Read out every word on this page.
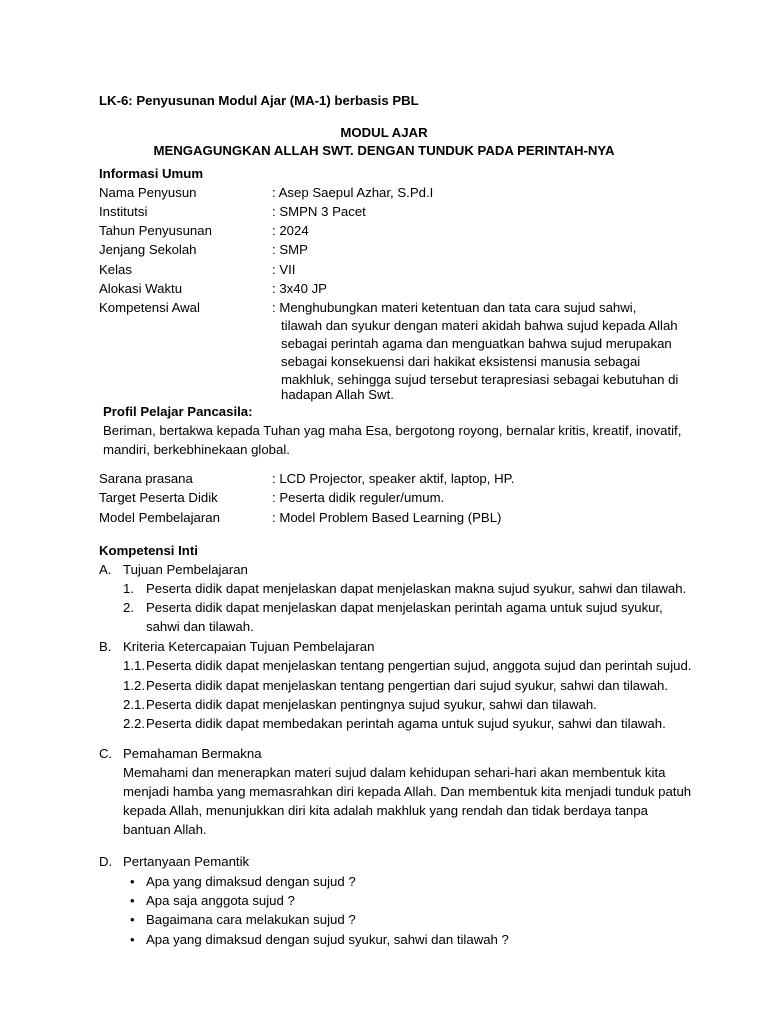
LK-6: Penyusunan Modul Ajar (MA-1) berbasis PBL
MODUL AJAR
MENGAGUNGKAN ALLAH SWT. DENGAN TUNDUK PADA PERINTAH-NYA
Informasi Umum
Nama Penyusun	: Asep Saepul Azhar, S.Pd.I
Institutsi	: SMPN 3 Pacet
Tahun Penyusunan	: 2024
Jenjang Sekolah	: SMP
Kelas	: VII
Alokasi Waktu	: 3x40 JP
Kompetensi Awal	: Menghubungkan materi ketentuan dan tata cara sujud sahwi,
tilawah dan syukur dengan materi akidah bahwa sujud kepada Allah
sebagai perintah agama dan menguatkan bahwa sujud merupakan
sebagai konsekuensi dari hakikat eksistensi manusia sebagai
makhluk, sehingga sujud tersebut terapresiasi sebagai kebutuhan di
hadapan Allah Swt.
Profil Pelajar Pancasila:
Beriman, bertakwa kepada Tuhan yag maha Esa, bergotong royong, bernalar kritis, kreatif, inovatif,
mandiri, berkebhinekaan global.
Sarana prasana	: LCD Projector, speaker aktif, laptop, HP.
Target Peserta Didik	: Peserta didik reguler/umum.
Model Pembelajaran	: Model Problem Based Learning (PBL)
Kompetensi Inti
A. Tujuan Pembelajaran
1. Peserta didik dapat menjelaskan dapat menjelaskan makna sujud syukur, sahwi dan tilawah.
2. Peserta didik dapat menjelaskan dapat menjelaskan perintah agama untuk sujud syukur,
sahwi dan tilawah.
B. Kriteria Ketercapaian Tujuan Pembelajaran
1.1. Peserta didik dapat menjelaskan tentang pengertian sujud, anggota sujud dan perintah sujud.
1.2. Peserta didik dapat menjelaskan tentang pengertian dari sujud syukur, sahwi dan tilawah.
2.1. Peserta didik dapat menjelaskan pentingnya sujud syukur, sahwi dan tilawah.
2.2. Peserta didik dapat membedakan perintah agama untuk sujud syukur, sahwi dan tilawah.
C. Pemahaman Bermakna
Memahami dan menerapkan materi sujud dalam kehidupan sehari-hari akan membentuk kita
menjadi hamba yang memasrahkan diri kepada Allah. Dan membentuk kita menjadi tunduk patuh
kepada Allah, menunjukkan diri kita adalah makhluk yang rendah dan tidak berdaya tanpa
bantuan Allah.
D. Pertanyaan Pemantik
• Apa yang dimaksud dengan sujud ?
• Apa saja anggota sujud ?
• Bagaimana cara melakukan sujud ?
• Apa yang dimaksud dengan sujud syukur, sahwi dan tilawah ?
